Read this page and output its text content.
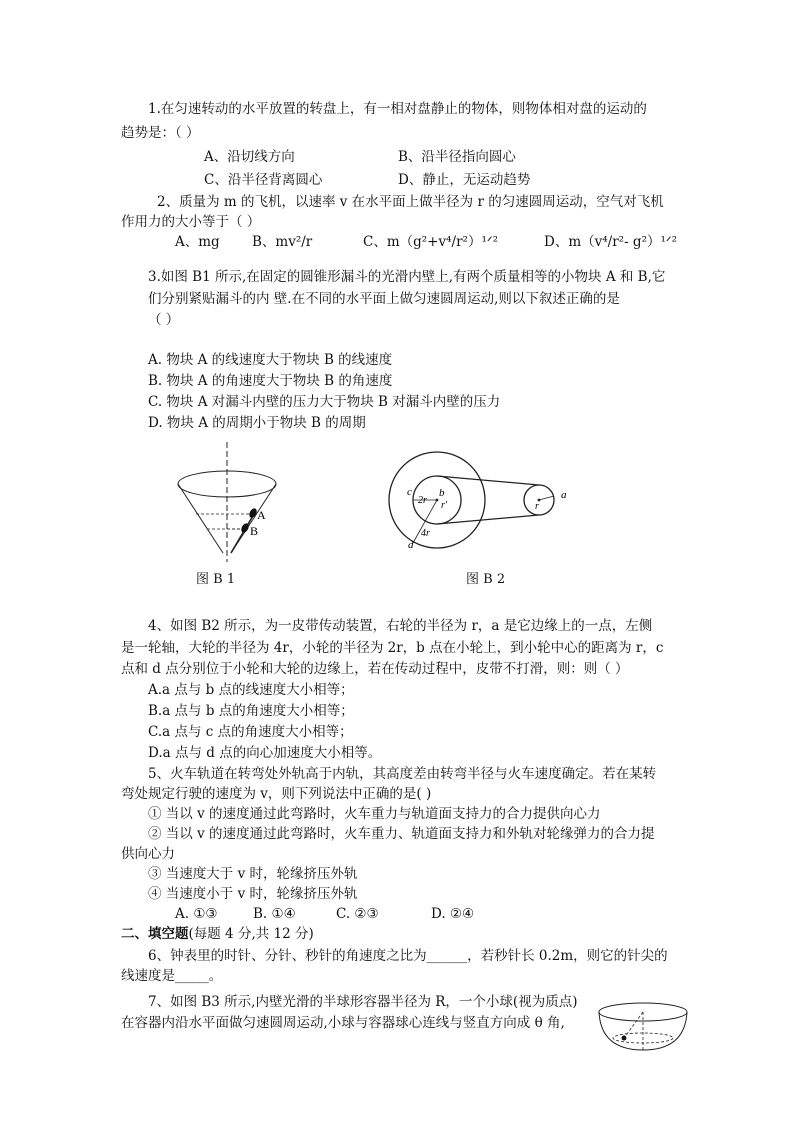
1.在匀速转动的水平放置的转盘上，有一相对盘静止的物体，则物体相对盘的运动的
趋势是：（ ）
A、沿切线方向	B、沿半径指向圆心
C、沿半径背离圆心	D、静止，无运动趋势
2、质量为 m 的飞机，以速率 v 在水平面上做半径为 r 的匀速圆周运动，空气对飞机
作用力的大小等于（ ）
A、mg B、mv²/r	C、m（g²+v⁴/r²）¹ᐟ²	D、m（v⁴/r²- g²）¹ᐟ²
3.如图 B1 所示,在固定的圆锥形漏斗的光滑内壁上,有两个质量相等的小物块 A 和 B,它
们分别紧贴漏斗的内 壁.在不同的水平面上做匀速圆周运动,则以下叙述正确的是
（ ）
A. 物块 A 的线速度大于物块 B 的线速度
B. 物块 A 的角速度大于物块 B 的角速度
C. 物块 A 对漏斗内壁的压力大于物块 B 对漏斗内壁的压力
D. 物块 A 的周期小于物块 B 的周期
A
B
图 B 1
c
2r
b
r'
4r
d
a
r
图 B 2
4、如图 B2 所示，为一皮带传动装置，右轮的半径为 r，a 是它边缘上的一点，左侧
是一轮轴，大轮的半径为 4r，小轮的半径为 2r，b 点在小轮上，到小轮中心的距离为 r，c
点和 d 点分别位于小轮和大轮的边缘上，若在传动过程中，皮带不打滑，则：则（ ）
A.a 点与 b 点的线速度大小相等；
B.a 点与 b 点的角速度大小相等；
C.a 点与 c 点的角速度大小相等；
D.a 点与 d 点的向心加速度大小相等。
5、火车轨道在转弯处外轨高于内轨，其高度差由转弯半径与火车速度确定。若在某转
弯处规定行驶的速度为 v，则下列说法中正确的是( )
① 当以 v 的速度通过此弯路时，火车重力与轨道面支持力的合力提供向心力
② 当以 v 的速度通过此弯路时，火车重力、轨道面支持力和外轨对轮缘弹力的合力提
供向心力
③ 当速度大于 v 时，轮缘挤压外轨
④ 当速度小于 v 时，轮缘挤压外轨
A. ①③	B. ①④	C. ②③	D. ②④
二、填空题(每题 4 分,共 12 分)
6、钟表里的时针、分针、秒针的角速度之比为______，若秒针长 0.2m，则它的针尖的
线速度是_____。
7、如图 B3 所示,内壁光滑的半球形容器半径为 R，一个小球(视为质点)
在容器内沿水平面做匀速圆周运动,小球与容器球心连线与竖直方向成 θ 角,
